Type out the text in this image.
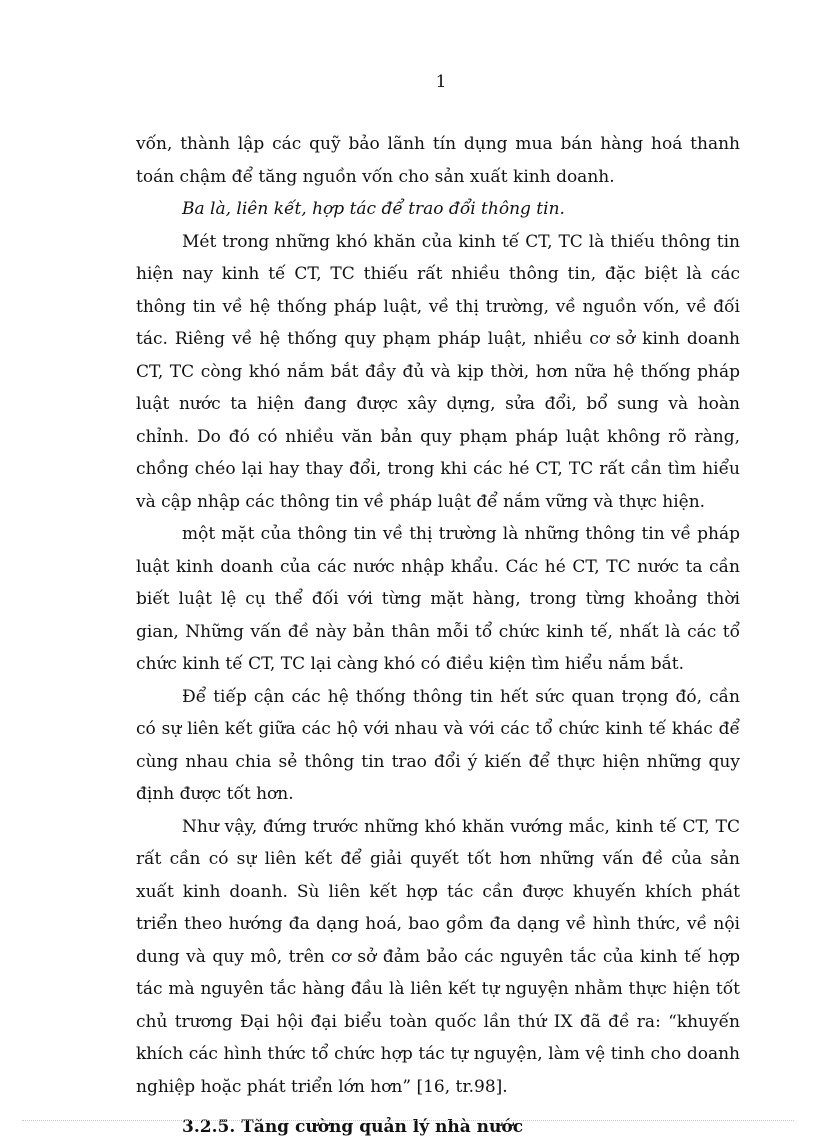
1

vốn, thành lập các quỹ bảo lãnh tín dụng mua bán hàng hoá thanh toán chậm để tăng nguồn vốn cho sản xuất kinh doanh.

Ba là, liên kết, hợp tác để trao đổi thông tin.

Mét trong những khó khăn của kinh tế CT, TC là thiếu thông tin hiện nay kinh tế CT, TC thiếu rất nhiều thông tin, đặc biệt là các thông tin về hệ thống pháp luật, về thị trường, về nguồn vốn, về đối tác. Riêng về hệ thống quy phạm pháp luật, nhiều cơ sở kinh doanh CT, TC còng khó nắm bắt đầy đủ và kịp thời, hơn nữa hệ thống pháp luật nước ta hiện đang được xây dựng, sửa đổi, bổ sung và hoàn chỉnh. Do đó có nhiều văn bản quy phạm pháp luật không rõ ràng, chồng chéo lại hay thay đổi, trong khi các hé CT, TC rất cần tìm hiểu và cập nhập các thông tin về pháp luật để nắm vững và thực hiện.

một mặt của thông tin về thị trường là những thông tin về pháp luật kinh doanh của các nước nhập khẩu. Các hé CT, TC nước ta cần biết luật lệ cụ thể đối với từng mặt hàng, trong từng khoảng thời gian, Những vấn đề này bản thân mỗi tổ chức kinh tế, nhất là các tổ chức kinh tế CT, TC lại càng khó có điều kiện tìm hiểu nắm bắt.

Để tiếp cận các hệ thống thông tin hết sức quan trọng đó, cần có sự liên kết giữa các hộ với nhau và với các tổ chức kinh tế khác để cùng nhau chia sẻ thông tin trao đổi ý kiến để thực hiện những quy định được tốt hơn.

Như vậy, đứng trước những khó khăn vướng mắc, kinh tế CT, TC rất cần có sự liên kết để giải quyết tốt hơn những vấn đề của sản xuất kinh doanh. Sù liên kết hợp tác cần được khuyến khích phát triển theo hướng đa dạng hoá, bao gồm đa dạng về hình thức, về nội dung và quy mô, trên cơ sở đảm bảo các nguyên tắc của kinh tế hợp tác mà nguyên tắc hàng đầu là liên kết tự nguyện nhằm thực hiện tốt chủ trương Đại hội đại biểu toàn quốc lần thứ IX đã đề ra: “khuyến khích các hình thức tổ chức hợp tác tự nguyện, làm vệ tinh cho doanh nghiệp hoặc phát triển lớn hơn” [16, tr.98].

3.2.5. Tăng cường quản lý nhà nước
